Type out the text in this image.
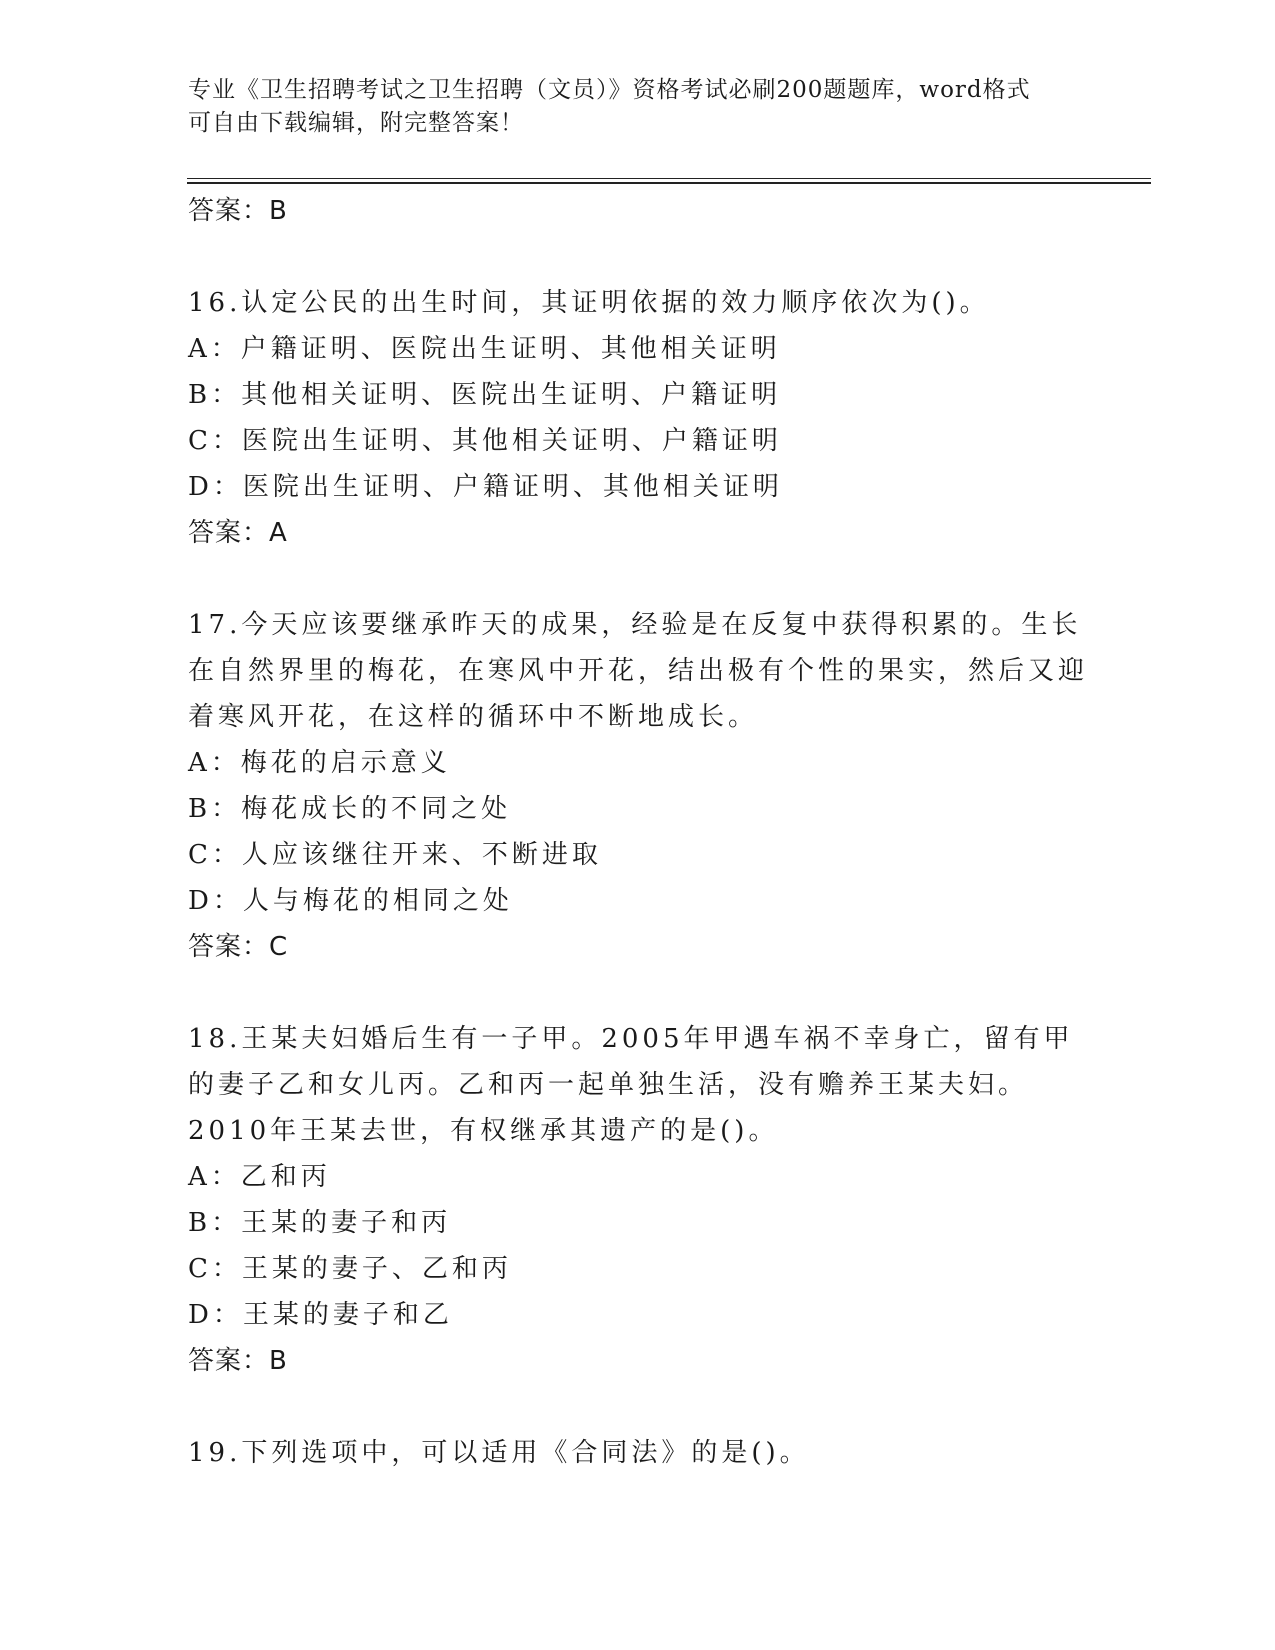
专业《卫生招聘考试之卫生招聘（文员）》资格考试必刷200题题库，word格式
可自由下载编辑，附完整答案！
答案：B
16.认定公民的出生时间，其证明依据的效力顺序依次为()。
A：户籍证明、医院出生证明、其他相关证明
B：其他相关证明、医院出生证明、户籍证明
C：医院出生证明、其他相关证明、户籍证明
D：医院出生证明、户籍证明、其他相关证明
答案：A
17.今天应该要继承昨天的成果，经验是在反复中获得积累的。生长在自然界里的梅花，在寒风中开花，结出极有个性的果实，然后又迎着寒风开花，在这样的循环中不断地成长。
A：梅花的启示意义
B：梅花成长的不同之处
C：人应该继往开来、不断进取
D：人与梅花的相同之处
答案：C
18.王某夫妇婚后生有一子甲。2005年甲遇车祸不幸身亡，留有甲的妻子乙和女儿丙。乙和丙一起单独生活，没有赡养王某夫妇。2010年王某去世，有权继承其遗产的是()。
A：乙和丙
B：王某的妻子和丙
C：王某的妻子、乙和丙
D：王某的妻子和乙
答案：B
19.下列选项中，可以适用《合同法》的是()。
